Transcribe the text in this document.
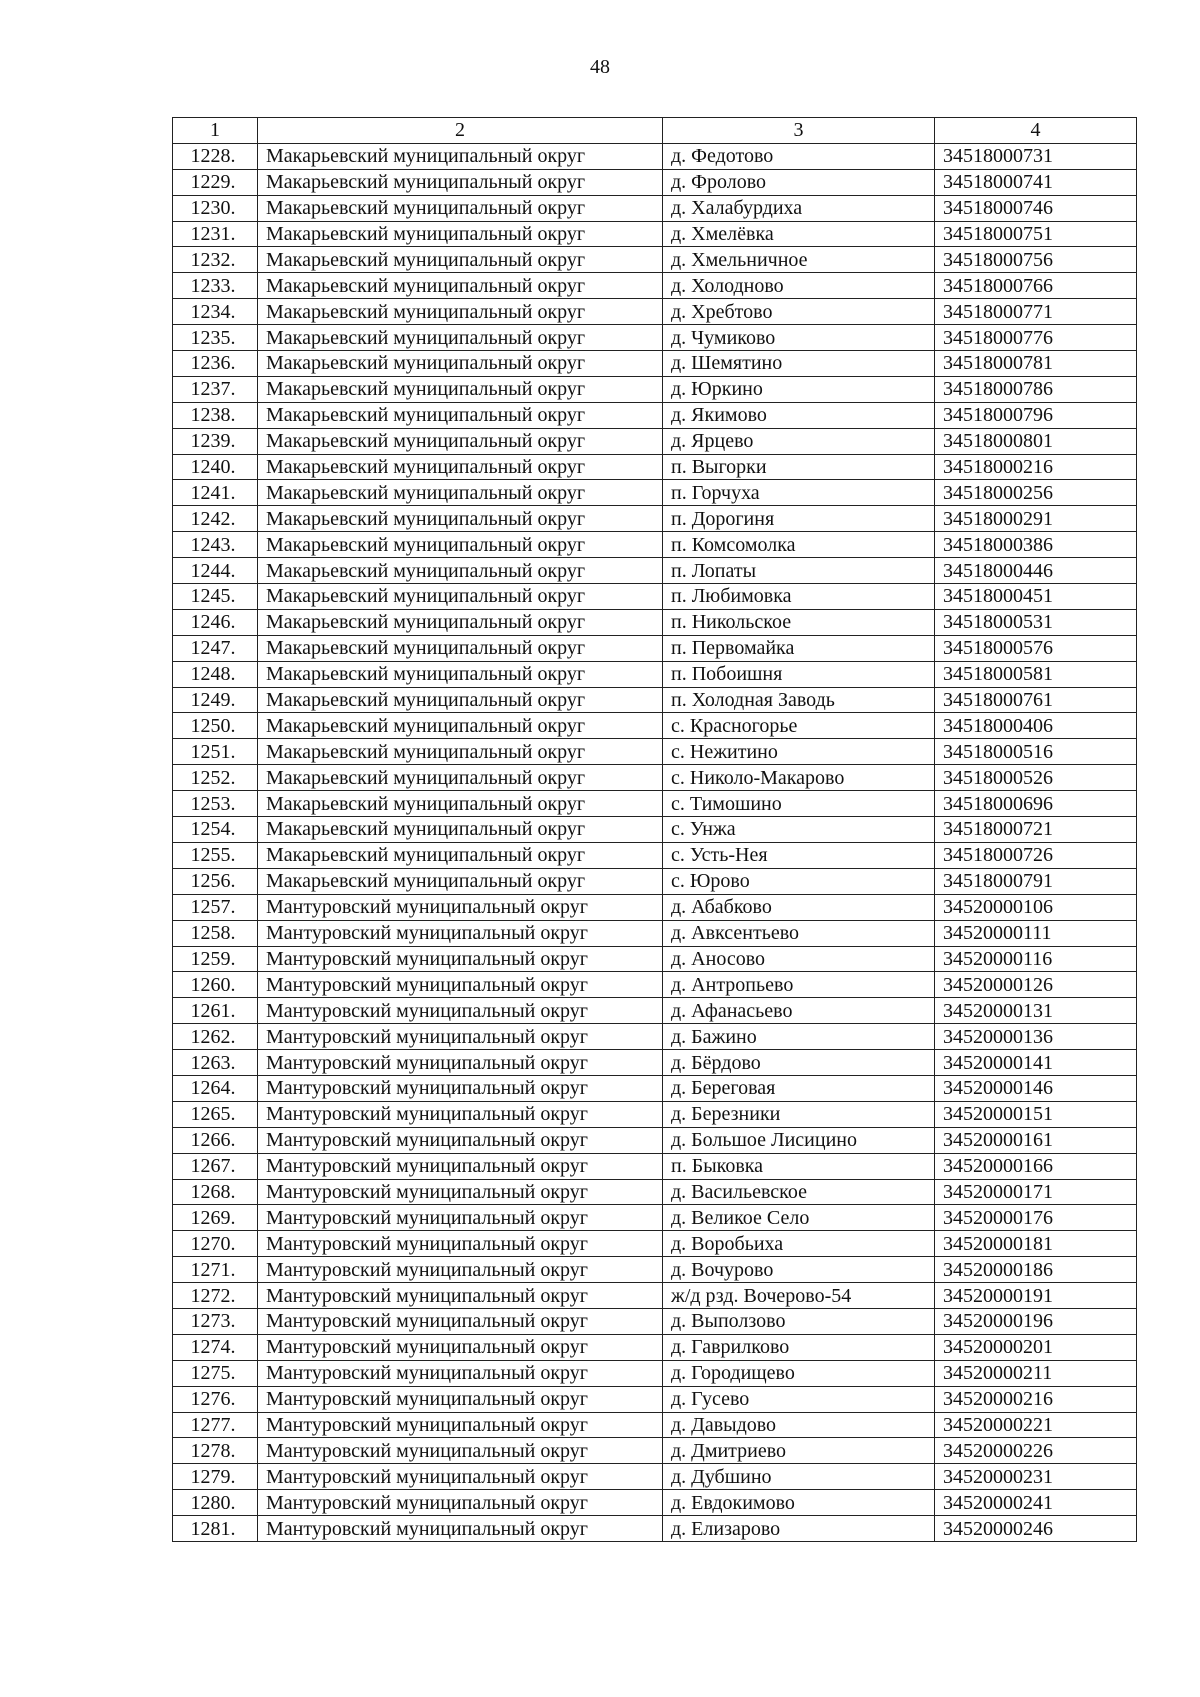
48
1	2	3	4
1228.	Макарьевский муниципальный округ	д. Федотово	34518000731
1229.	Макарьевский муниципальный округ	д. Фролово	34518000741
1230.	Макарьевский муниципальный округ	д. Халабурдиха	34518000746
1231.	Макарьевский муниципальный округ	д. Хмелёвка	34518000751
1232.	Макарьевский муниципальный округ	д. Хмельничное	34518000756
1233.	Макарьевский муниципальный округ	д. Холодново	34518000766
1234.	Макарьевский муниципальный округ	д. Хребтово	34518000771
1235.	Макарьевский муниципальный округ	д. Чумиково	34518000776
1236.	Макарьевский муниципальный округ	д. Шемятино	34518000781
1237.	Макарьевский муниципальный округ	д. Юркино	34518000786
1238.	Макарьевский муниципальный округ	д. Якимово	34518000796
1239.	Макарьевский муниципальный округ	д. Ярцево	34518000801
1240.	Макарьевский муниципальный округ	п. Выгорки	34518000216
1241.	Макарьевский муниципальный округ	п. Горчуха	34518000256
1242.	Макарьевский муниципальный округ	п. Дорогиня	34518000291
1243.	Макарьевский муниципальный округ	п. Комсомолка	34518000386
1244.	Макарьевский муниципальный округ	п. Лопаты	34518000446
1245.	Макарьевский муниципальный округ	п. Любимовка	34518000451
1246.	Макарьевский муниципальный округ	п. Никольское	34518000531
1247.	Макарьевский муниципальный округ	п. Первомайка	34518000576
1248.	Макарьевский муниципальный округ	п. Побоишня	34518000581
1249.	Макарьевский муниципальный округ	п. Холодная Заводь	34518000761
1250.	Макарьевский муниципальный округ	с. Красногорье	34518000406
1251.	Макарьевский муниципальный округ	с. Нежитино	34518000516
1252.	Макарьевский муниципальный округ	с. Николо-Макарово	34518000526
1253.	Макарьевский муниципальный округ	с. Тимошино	34518000696
1254.	Макарьевский муниципальный округ	с. Унжа	34518000721
1255.	Макарьевский муниципальный округ	с. Усть-Нея	34518000726
1256.	Макарьевский муниципальный округ	с. Юрово	34518000791
1257.	Мантуровский муниципальный округ	д. Абабково	34520000106
1258.	Мантуровский муниципальный округ	д. Авксентьево	34520000111
1259.	Мантуровский муниципальный округ	д. Аносово	34520000116
1260.	Мантуровский муниципальный округ	д. Антропьево	34520000126
1261.	Мантуровский муниципальный округ	д. Афанасьево	34520000131
1262.	Мантуровский муниципальный округ	д. Бажино	34520000136
1263.	Мантуровский муниципальный округ	д. Бёрдово	34520000141
1264.	Мантуровский муниципальный округ	д. Береговая	34520000146
1265.	Мантуровский муниципальный округ	д. Березники	34520000151
1266.	Мантуровский муниципальный округ	д. Большое Лисицино	34520000161
1267.	Мантуровский муниципальный округ	п. Быковка	34520000166
1268.	Мантуровский муниципальный округ	д. Васильевское	34520000171
1269.	Мантуровский муниципальный округ	д. Великое Село	34520000176
1270.	Мантуровский муниципальный округ	д. Воробьиха	34520000181
1271.	Мантуровский муниципальный округ	д. Вочурово	34520000186
1272.	Мантуровский муниципальный округ	ж/д рзд. Вочерово-54	34520000191
1273.	Мантуровский муниципальный округ	д. Выползово	34520000196
1274.	Мантуровский муниципальный округ	д. Гаврилково	34520000201
1275.	Мантуровский муниципальный округ	д. Городищево	34520000211
1276.	Мантуровский муниципальный округ	д. Гусево	34520000216
1277.	Мантуровский муниципальный округ	д. Давыдово	34520000221
1278.	Мантуровский муниципальный округ	д. Дмитриево	34520000226
1279.	Мантуровский муниципальный округ	д. Дубшино	34520000231
1280.	Мантуровский муниципальный округ	д. Евдокимово	34520000241
1281.	Мантуровский муниципальный округ	д. Елизарово	34520000246
